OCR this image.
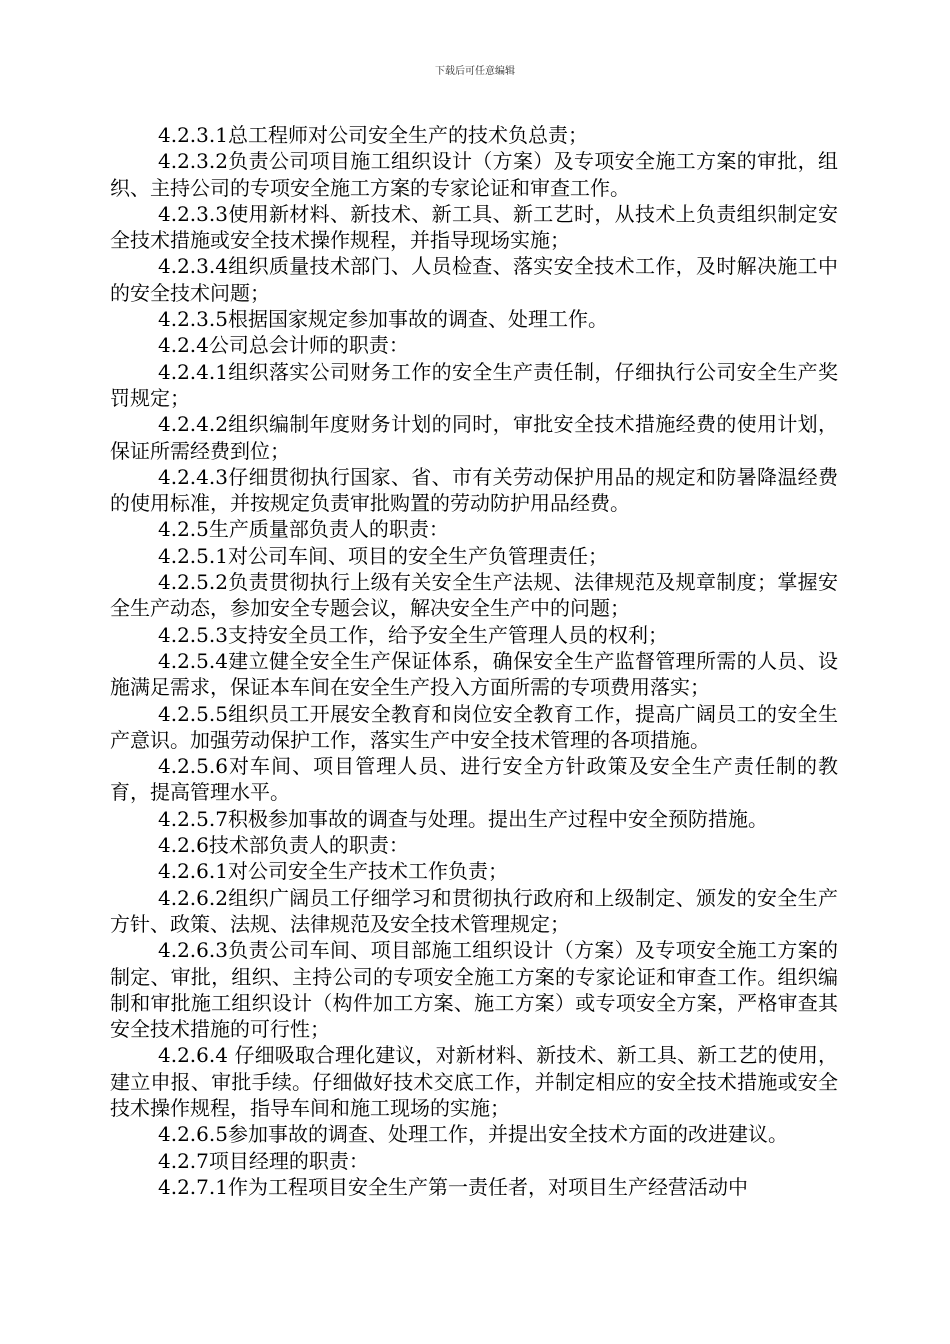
下载后可任意编辑

4.2.3.1总工程师对公司安全生产的技术负总责；

4.2.3.2负责公司项目施工组织设计（方案）及专项安全施工方案的审批，组织、主持公司的专项安全施工方案的专家论证和审查工作。

4.2.3.3使用新材料、新技术、新工具、新工艺时，从技术上负责组织制定安全技术措施或安全技术操作规程，并指导现场实施；

4.2.3.4组织质量技术部门、人员检查、落实安全技术工作，及时解决施工中的安全技术问题；

4.2.3.5根据国家规定参加事故的调查、处理工作。

4.2.4公司总会计师的职责：

4.2.4.1组织落实公司财务工作的安全生产责任制，仔细执行公司安全生产奖罚规定；

4.2.4.2组织编制年度财务计划的同时，审批安全技术措施经费的使用计划，保证所需经费到位；

4.2.4.3仔细贯彻执行国家、省、市有关劳动保护用品的规定和防暑降温经费的使用标准，并按规定负责审批购置的劳动防护用品经费。

4.2.5生产质量部负责人的职责：

4.2.5.1对公司车间、项目的安全生产负管理责任；

4.2.5.2负责贯彻执行上级有关安全生产法规、法律规范及规章制度；掌握安全生产动态，参加安全专题会议，解决安全生产中的问题；

4.2.5.3支持安全员工作，给予安全生产管理人员的权利；

4.2.5.4建立健全安全生产保证体系，确保安全生产监督管理所需的人员、设施满足需求，保证本车间在安全生产投入方面所需的专项费用落实；

4.2.5.5组织员工开展安全教育和岗位安全教育工作，提高广阔员工的安全生产意识。加强劳动保护工作，落实生产中安全技术管理的各项措施。

4.2.5.6对车间、项目管理人员、进行安全方针政策及安全生产责任制的教育，提高管理水平。

4.2.5.7积极参加事故的调查与处理。提出生产过程中安全预防措施。

4.2.6技术部负责人的职责：

4.2.6.1对公司安全生产技术工作负责；

4.2.6.2组织广阔员工仔细学习和贯彻执行政府和上级制定、颁发的安全生产方针、政策、法规、法律规范及安全技术管理规定；

4.2.6.3负责公司车间、项目部施工组织设计（方案）及专项安全施工方案的制定、审批，组织、主持公司的专项安全施工方案的专家论证和审查工作。组织编制和审批施工组织设计（构件加工方案、施工方案）或专项安全方案，严格审查其安全技术措施的可行性；

4.2.6.4 仔细吸取合理化建议，对新材料、新技术、新工具、新工艺的使用，建立申报、审批手续。仔细做好技术交底工作，并制定相应的安全技术措施或安全技术操作规程，指导车间和施工现场的实施；

4.2.6.5参加事故的调查、处理工作，并提出安全技术方面的改进建议。

4.2.7项目经理的职责：

4.2.7.1作为工程项目安全生产第一责任者，对项目生产经营活动中
